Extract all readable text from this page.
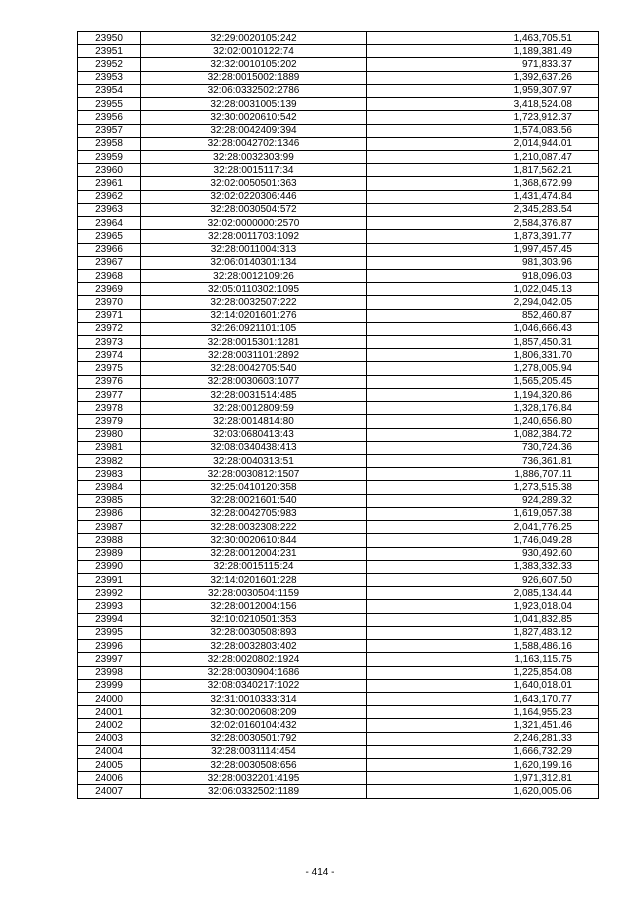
23950	32:29:0020105:242	1,463,705.51
23951	32:02:0010122:74	1,189,381.49
23952	32:32:0010105:202	971,833.37
23953	32:28:0015002:1889	1,392,637.26
23954	32:06:0332502:2786	1,959,307.97
23955	32:28:0031005:139	3,418,524.08
23956	32:30:0020610:542	1,723,912.37
23957	32:28:0042409:394	1,574,083.56
23958	32:28:0042702:1346	2,014,944.01
23959	32:28:0032303:99	1,210,087.47
23960	32:28:0015117:34	1,817,562.21
23961	32:02:0050501:363	1,368,672.99
23962	32:02:0220306:446	1,431,474.84
23963	32:28:0030504:572	2,345,283.54
23964	32:02:0000000:2570	2,584,376.87
23965	32:28:0011703:1092	1,873,391.77
23966	32:28:0011004:313	1,997,457.45
23967	32:06:0140301:134	981,303.96
23968	32:28:0012109:26	918,096.03
23969	32:05:0110302:1095	1,022,045.13
23970	32:28:0032507:222	2,294,042.05
23971	32:14:0201601:276	852,460.87
23972	32:26:0921101:105	1,046,666.43
23973	32:28:0015301:1281	1,857,450.31
23974	32:28:0031101:2892	1,806,331.70
23975	32:28:0042705:540	1,278,005.94
23976	32:28:0030603:1077	1,565,205.45
23977	32:28:0031514:485	1,194,320.86
23978	32:28:0012809:59	1,328,176.84
23979	32:28:0014814:80	1,240,656.80
23980	32:03:0680413:43	1,082,384.72
23981	32:08:0340438:413	730,724.36
23982	32:28:0040313:51	736,361.81
23983	32:28:0030812:1507	1,886,707.11
23984	32:25:0410120:358	1,273,515.38
23985	32:28:0021601:540	924,289.32
23986	32:28:0042705:983	1,619,057.38
23987	32:28:0032308:222	2,041,776.25
23988	32:30:0020610:844	1,746,049.28
23989	32:28:0012004:231	930,492.60
23990	32:28:0015115:24	1,383,332.33
23991	32:14:0201601:228	926,607.50
23992	32:28:0030504:1159	2,085,134.44
23993	32:28:0012004:156	1,923,018.04
23994	32:10:0210501:353	1,041,832.85
23995	32:28:0030508:893	1,827,483.12
23996	32:28:0032803:402	1,588,486.16
23997	32:28:0020802:1924	1,163,115.75
23998	32:28:0030904:1686	1,225,854.08
23999	32:08:0340217:1022	1,640,018.01
24000	32:31:0010333:314	1,643,170.77
24001	32:30:0020608:209	1,164,955.23
24002	32:02:0160104:432	1,321,451.46
24003	32:28:0030501:792	2,246,281.33
24004	32:28:0031114:454	1,666,732.29
24005	32:28:0030508:656	1,620,199.16
24006	32:28:0032201:4195	1,971,312.81
24007	32:06:0332502:1189	1,620,005.06
- 414 -
